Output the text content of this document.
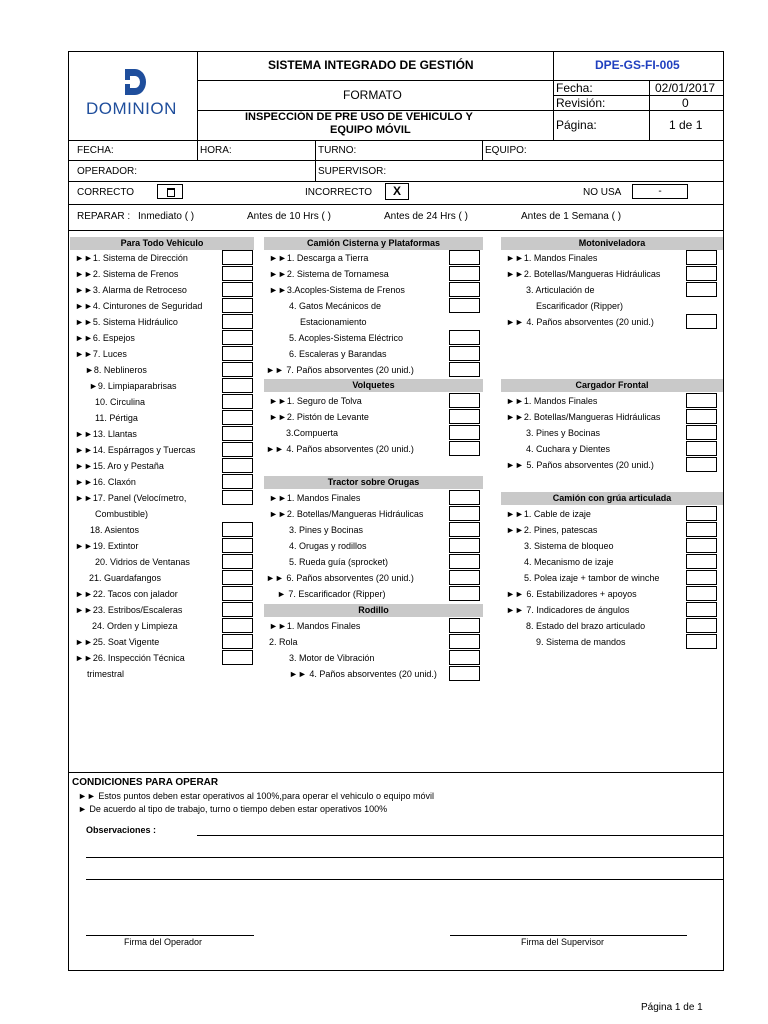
DOMINION
SISTEMA INTEGRADO DE GESTIÓN	DPE-GS-FI-005
FORMATO
INSPECCIÓN DE PRE USO DE VEHICULO Y
EQUIPO MÓVIL
Fecha:	02/01/2017
Revisión:	0
Página:	1 de 1
FECHA:	HORA:	TURNO:	EQUIPO:
OPERADOR:	SUPERVISOR:
CORRECTO	INCORRECTO	X	NO USA	-
REPARAR : Inmediato ( )	Antes de 10 Hrs ( )	Antes de 24 Hrs ( )	Antes de 1 Semana ( )
Para Todo Vehiculo
►►1. Sistema de Dirección
►►2. Sistema de Frenos
►►3. Alarma de Retroceso
►►4. Cinturones de Seguridad
►►5. Sistema Hidráulico
►►6. Espejos
►►7. Luces
►8. Neblineros
►9. Limpiaparabrisas
10. Circulina
11. Pértiga
►►13. Llantas
►►14. Espárragos y Tuercas
►►15. Aro y Pestaña
►►16. Claxón
►►17. Panel (Velocímetro,
Combustible)
18. Asientos
►►19. Extintor
20. Vidrios de Ventanas
21. Guardafangos
►►22. Tacos con jalador
►►23. Estribos/Escaleras
24. Orden y Limpieza
►►25. Soat Vigente
►►26. Inspección Técnica
trimestral
Camión Cisterna y Plataformas
►►1. Descarga a Tierra
►►2. Sistema de Tornamesa
►►3.Acoples-Sistema de Frenos
4. Gatos Mecánicos de
Estacionamiento
5. Acoples-Sistema Eléctrico
6. Escaleras y Barandas
►► 7. Paños absorventes (20 unid.)
Volquetes
►►1. Seguro de Tolva
►►2. Pistón de Levante
3.Compuerta
►► 4. Paños absorventes (20 unid.)
Tractor sobre Orugas
►►1. Mandos Finales
►►2. Botellas/Mangueras Hidráulicas
3. Pines y Bocinas
4. Orugas y rodillos
5. Rueda guía (sprocket)
►► 6. Paños absorventes (20 unid.)
► 7. Escarificador (Ripper)
Rodillo
►►1. Mandos Finales
2. Rola
3. Motor de Vibración
►► 4. Paños absorventes (20 unid.)
Motoniveladora
►►1. Mandos Finales
►►2. Botellas/Mangueras Hidráulicas
3. Articulación de
Escarificador (Ripper)
►► 4. Paños absorventes (20 unid.)
Cargador Frontal
►►1. Mandos Finales
►►2. Botellas/Mangueras Hidráulicas
3. Pines y Bocinas
4. Cuchara y Dientes
►► 5. Paños absorventes (20 unid.)
Camión con grúa articulada
►►1. Cable de izaje
►►2. Pines, patescas
3. Sistema de bloqueo
4. Mecanismo de izaje
5. Polea izaje + tambor de winche
►► 6. Estabilizadores + apoyos
►► 7. Indicadores de ángulos
8. Estado del brazo articulado
9. Sistema de mandos
CONDICIONES PARA OPERAR
►► Estos puntos deben estar operativos al 100%,para operar el vehiculo o equipo móvil
► De acuerdo al tipo de trabajo, turno o tiempo deben estar operativos 100%
Observaciones :
Firma del Operador	Firma del Supervisor
Página 1 de 1
